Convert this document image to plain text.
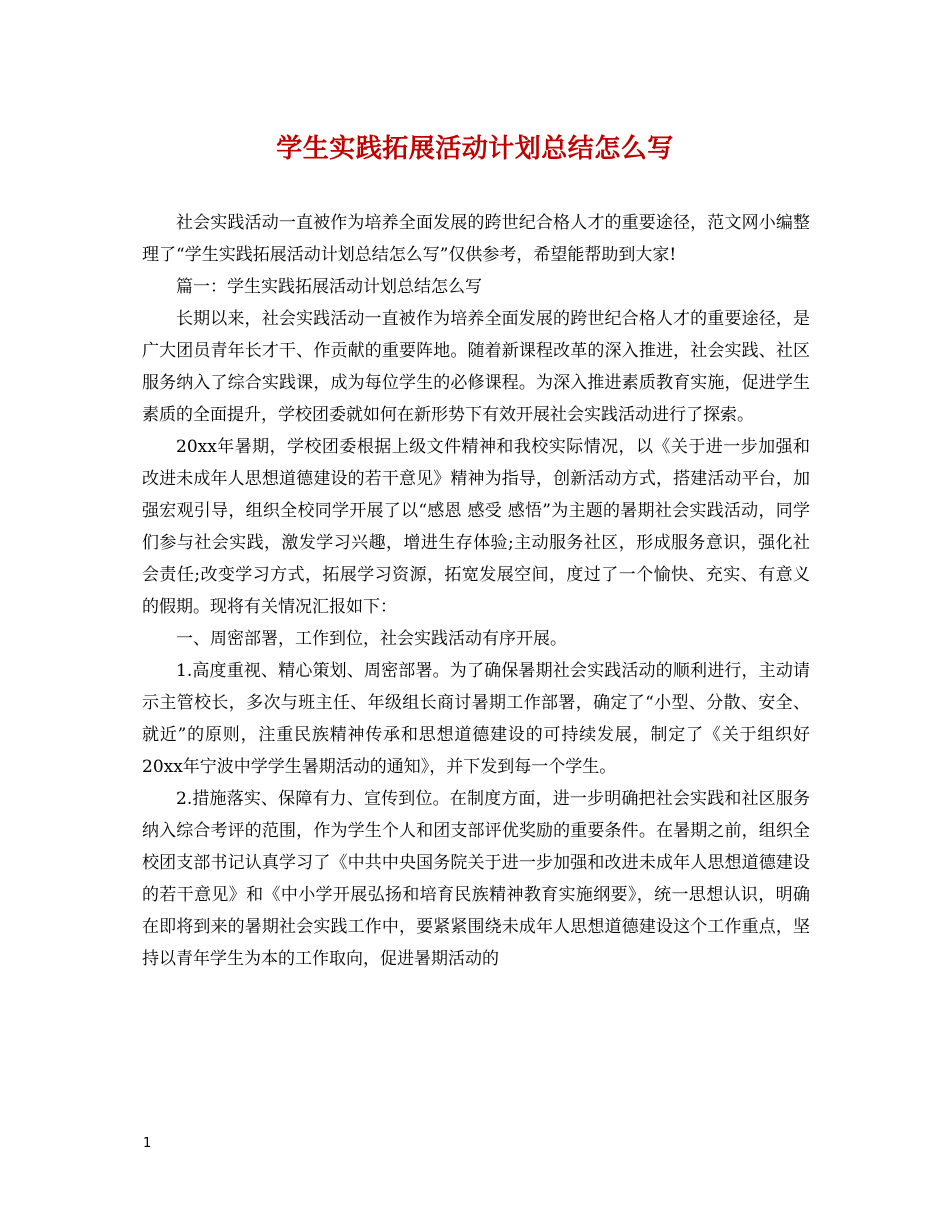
学生实践拓展活动计划总结怎么写

社会实践活动一直被作为培养全面发展的跨世纪合格人才的重要途径，范文网小编整理了“学生实践拓展活动计划总结怎么写”仅供参考，希望能帮助到大家!

篇一：学生实践拓展活动计划总结怎么写

长期以来，社会实践活动一直被作为培养全面发展的跨世纪合格人才的重要途径，是广大团员青年长才干、作贡献的重要阵地。随着新课程改革的深入推进，社会实践、社区服务纳入了综合实践课，成为每位学生的必修课程。为深入推进素质教育实施，促进学生素质的全面提升，学校团委就如何在新形势下有效开展社会实践活动进行了探索。

20xx年暑期，学校团委根据上级文件精神和我校实际情况，以《关于进一步加强和改进未成年人思想道德建设的若干意见》精神为指导，创新活动方式，搭建活动平台，加强宏观引导，组织全校同学开展了以“感恩 感受 感悟”为主题的暑期社会实践活动，同学们参与社会实践，激发学习兴趣，增进生存体验;主动服务社区，形成服务意识，强化社会责任;改变学习方式，拓展学习资源，拓宽发展空间，度过了一个愉快、充实、有意义的假期。现将有关情况汇报如下：

一、周密部署，工作到位，社会实践活动有序开展。

1.高度重视、精心策划、周密部署。为了确保暑期社会实践活动的顺利进行，主动请示主管校长，多次与班主任、年级组长商讨暑期工作部署，确定了“小型、分散、安全、就近”的原则，注重民族精神传承和思想道德建设的可持续发展，制定了《关于组织好20xx年宁波中学学生暑期活动的通知》，并下发到每一个学生。

2.措施落实、保障有力、宣传到位。在制度方面，进一步明确把社会实践和社区服务纳入综合考评的范围，作为学生个人和团支部评优奖励的重要条件。在暑期之前，组织全校团支部书记认真学习了《中共中央国务院关于进一步加强和改进未成年人思想道德建设的若干意见》和《中小学开展弘扬和培育民族精神教育实施纲要》，统一思想认识，明确在即将到来的暑期社会实践工作中，要紧紧围绕未成年人思想道德建设这个工作重点，坚持以青年学生为本的工作取向，促进暑期活动的

1
